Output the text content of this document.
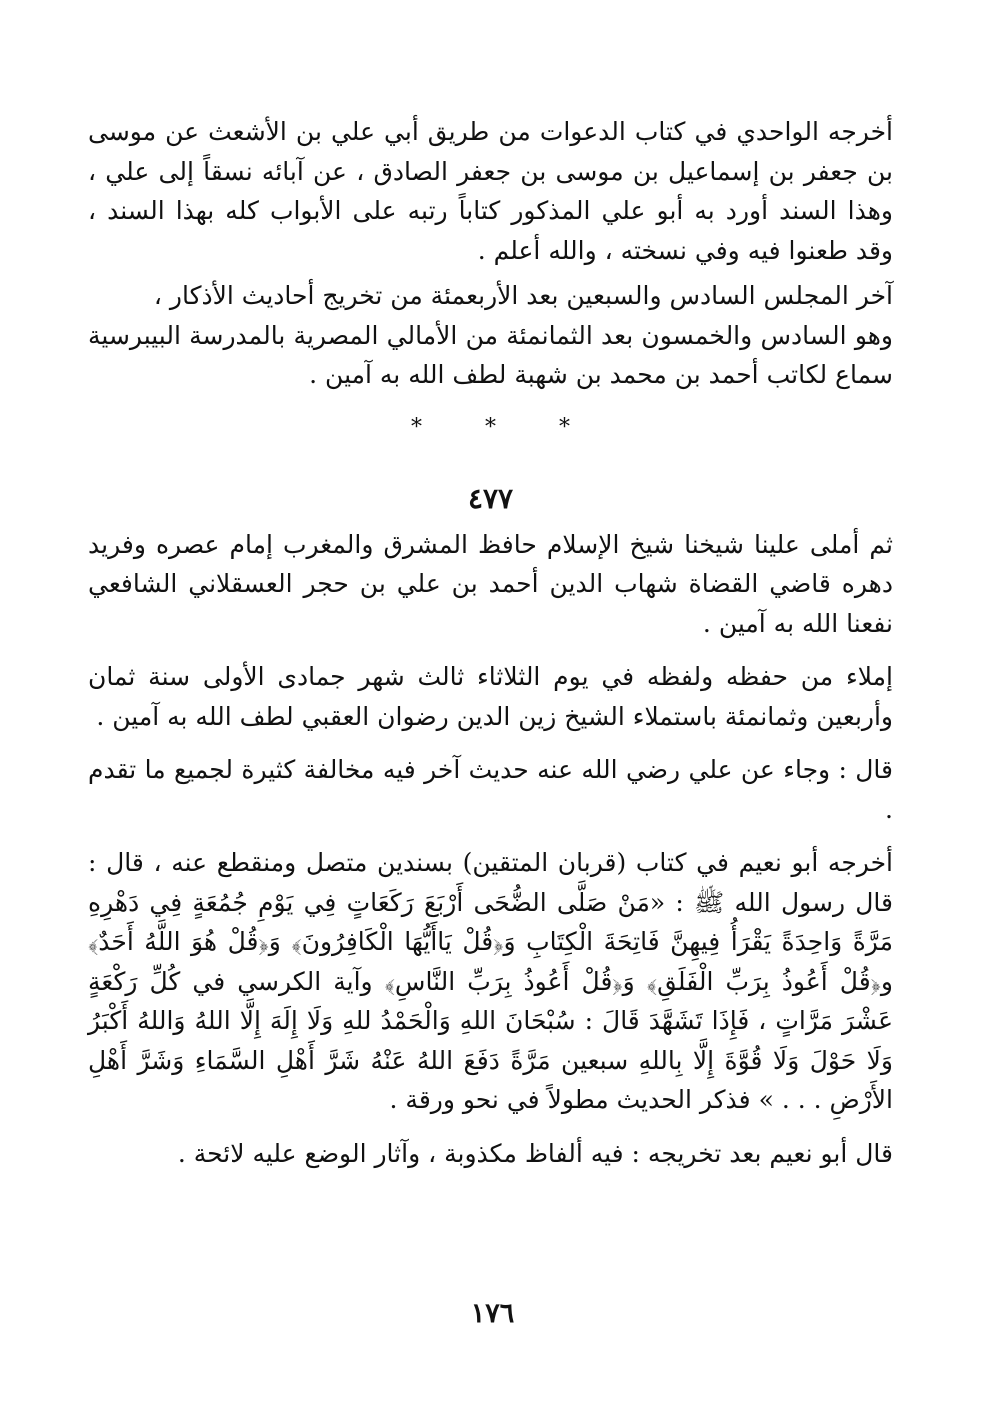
أخرجه الواحدي في كتاب الدعوات من طريق أبي علي بن الأشعث عن موسى بن جعفر بن إسماعيل بن موسى بن جعفر الصادق ، عن آبائه نسقاً إلى علي ، وهذا السند أورد به أبو علي المذكور كتاباً رتبه على الأبواب كله بهذا السند ، وقد طعنوا فيه وفي نسخته ، والله أعلم .

آخر المجلس السادس والسبعين بعد الأربعمئة من تخريج أحاديث الأذكار ،

وهو السادس والخمسون بعد الثمانمئة من الأمالي المصرية بالمدرسة البيبرسية سماع لكاتب أحمد بن محمد بن شهبة لطف الله به آمين .

* * *
٤٧٧

ثم أملى علينا شيخنا شيخ الإسلام حافظ المشرق والمغرب إمام عصره وفريد دهره قاضي القضاة شهاب الدين أحمد بن علي بن حجر العسقلاني الشافعي نفعنا الله به آمين .

إملاء من حفظه ولفظه في يوم الثلاثاء ثالث شهر جمادى الأولى سنة ثمان وأربعين وثمانمئة باستملاء الشيخ زين الدين رضوان العقبي لطف الله به آمين .

قال : وجاء عن علي رضي الله عنه حديث آخر فيه مخالفة كثيرة لجميع ما تقدم .

أخرجه أبو نعيم في كتاب (قربان المتقين) بسندين متصل ومنقطع عنه ، قال : قال رسول الله ﷺ : «مَنْ صَلَّى الضُّحَى أَرْبَعَ رَكَعَاتٍ فِي يَوْمِ جُمُعَةٍ فِي دَهْرِهِ مَرَّةً وَاحِدَةً يَقْرَأُ فِيهِنَّ فَاتِحَةَ الْكِتَابِ وَ﴿قُلْ يَاأَيُّهَا الْكَافِرُونَ﴾ وَ﴿قُلْ هُوَ اللَّهُ أَحَدٌ﴾ و﴿قُلْ أَعُوذُ بِرَبِّ الْفَلَقِ﴾ وَ﴿قُلْ أَعُوذُ بِرَبِّ النَّاسِ﴾ وآية الكرسي في كُلِّ رَكْعَةٍ عَشْرَ مَرَّاتٍ ، فَإِذَا تَشَهَّدَ قَالَ : سُبْحَانَ اللهِ وَالْحَمْدُ للهِ وَلَا إِلَهَ إِلَّا اللهُ وَاللهُ أَكْبَرُ وَلَا حَوْلَ وَلَا قُوَّةَ إِلَّا بِاللهِ سبعين مَرَّةً دَفَعَ اللهُ عَنْهُ شَرَّ أَهْلِ السَّمَاءِ وَشَرَّ أَهْلِ الأَرْضِ . . . » فذكر الحديث مطولاً في نحو ورقة .

قال أبو نعيم بعد تخريجه : فيه ألفاظ مكذوبة ، وآثار الوضع عليه لائحة .

١٧٦
